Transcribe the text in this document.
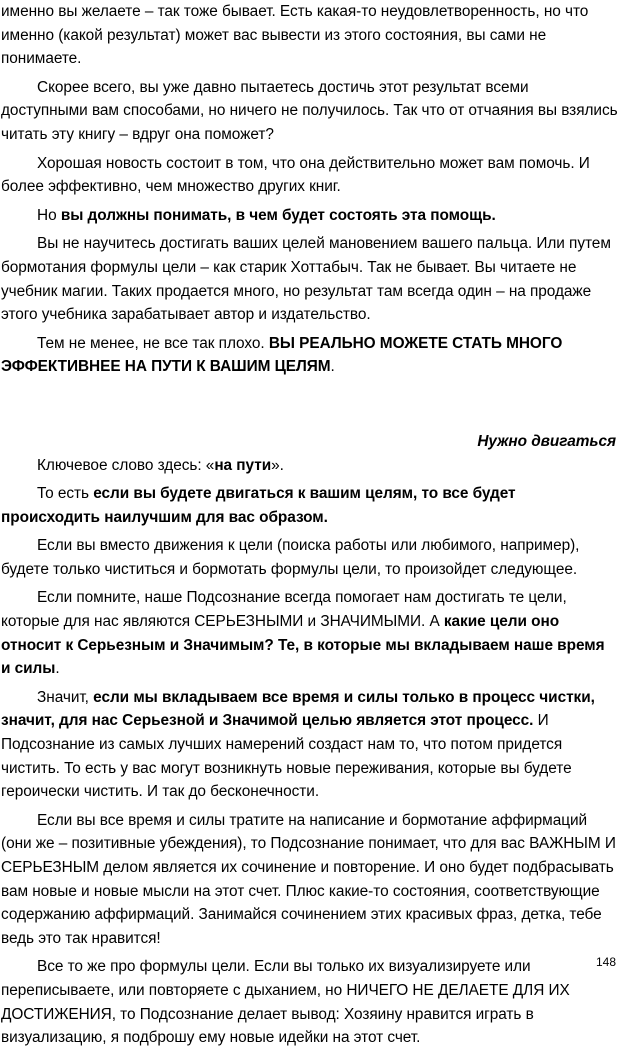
именно вы желаете – так тоже бывает. Есть какая-то неудовлетворенность, но что именно (какой результат) может вас вывести из этого состояния, вы сами не понимаете.

Скорее всего, вы уже давно пытаетесь достичь этот результат всеми доступными вам способами, но ничего не получилось. Так что от отчаяния вы взялись читать эту книгу – вдруг она поможет?

Хорошая новость состоит в том, что она действительно может вам помочь. И более эффективно, чем множество других книг.

Но вы должны понимать, в чем будет состоять эта помощь.

Вы не научитесь достигать ваших целей мановением вашего пальца. Или путем бормотания формулы цели – как старик Хоттабыч. Так не бывает. Вы читаете не учебник магии. Таких продается много, но результат там всегда один – на продаже этого учебника зарабатывает автор и издательство.

Тем не менее, не все так плохо. ВЫ РЕАЛЬНО МОЖЕТЕ СТАТЬ МНОГО ЭФФЕКТИВНЕЕ НА ПУТИ К ВАШИМ ЦЕЛЯМ.

Нужно двигаться

Ключевое слово здесь: «на пути».

То есть если вы будете двигаться к вашим целям, то все будет происходить наилучшим для вас образом.

Если вы вместо движения к цели (поиска работы или любимого, например), будете только чиститься и бормотать формулы цели, то произойдет следующее.

Если помните, наше Подсознание всегда помогает нам достигать те цели, которые для нас являются СЕРЬЕЗНЫМИ и ЗНАЧИМЫМИ. А какие цели оно относит к Серьезным и Значимым? Те, в которые мы вкладываем наше время и силы.

Значит, если мы вкладываем все время и силы только в процесс чистки, значит, для нас Серьезной и Значимой целью является этот процесс. И Подсознание из самых лучших намерений создаст нам то, что потом придется чистить. То есть у вас могут возникнуть новые переживания, которые вы будете героически чистить. И так до бесконечности.

Если вы все время и силы тратите на написание и бормотание аффирмаций (они же – позитивные убеждения), то Подсознание понимает, что для вас ВАЖНЫМ И СЕРЬЕЗНЫМ делом является их сочинение и повторение. И оно будет подбрасывать вам новые и новые мысли на этот счет. Плюс какие-то состояния, соответствующие содержанию аффирмаций. Занимайся сочинением этих красивых фраз, детка, тебе ведь это так нравится!

Все то же про формулы цели. Если вы только их визуализируете или переписываете, или повторяете с дыханием, но НИЧЕГО НЕ ДЕЛАЕТЕ ДЛЯ ИХ ДОСТИЖЕНИЯ, то Подсознание делает вывод: Хозяину нравится играть в визуализацию, я подброшу ему новые идейки на этот счет.

148
